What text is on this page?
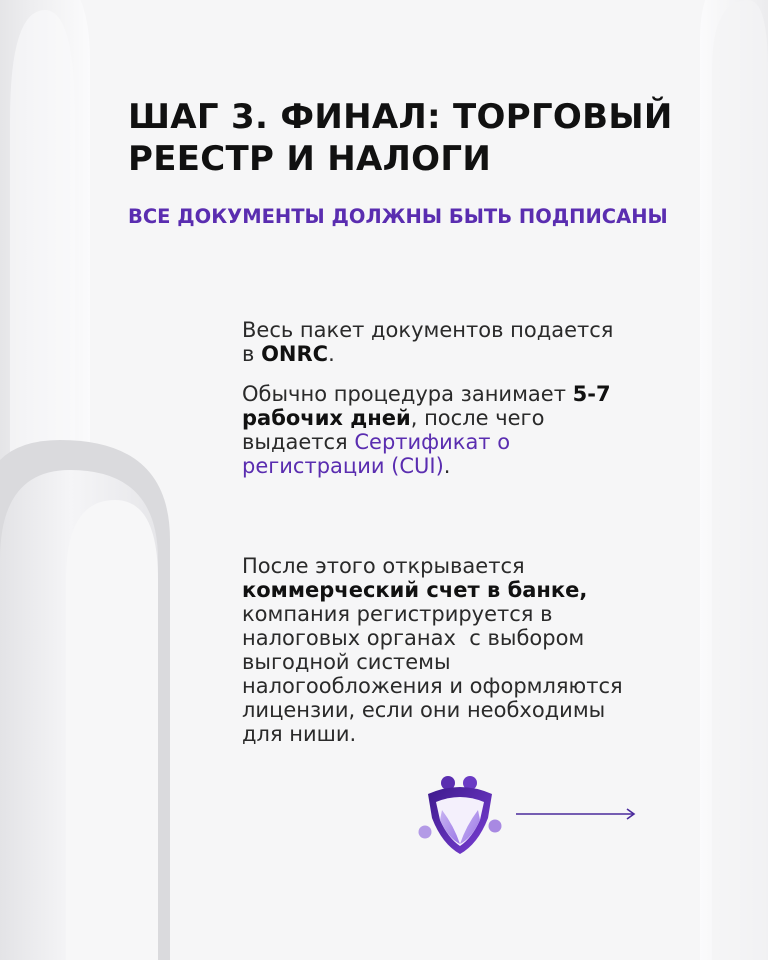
ШАГ 3. ФИНАЛ: ТОРГОВЫЙ
РЕЕСТР И НАЛОГИ
ВСЕ ДОКУМЕНТЫ ДОЛЖНЫ БЫТЬ ПОДПИСАНЫ

Весь пакет документов подается
в ONRC.

Обычно процедура занимает 5-7
рабочих дней, после чего
выдается Сертификат о
регистрации (CUI).

После этого открывается
коммерческий счет в банке,
компания регистрируется в
налоговых органах  с выбором
выгодной системы
налогообложения и оформляются
лицензии, если они необходимы
для ниши.
